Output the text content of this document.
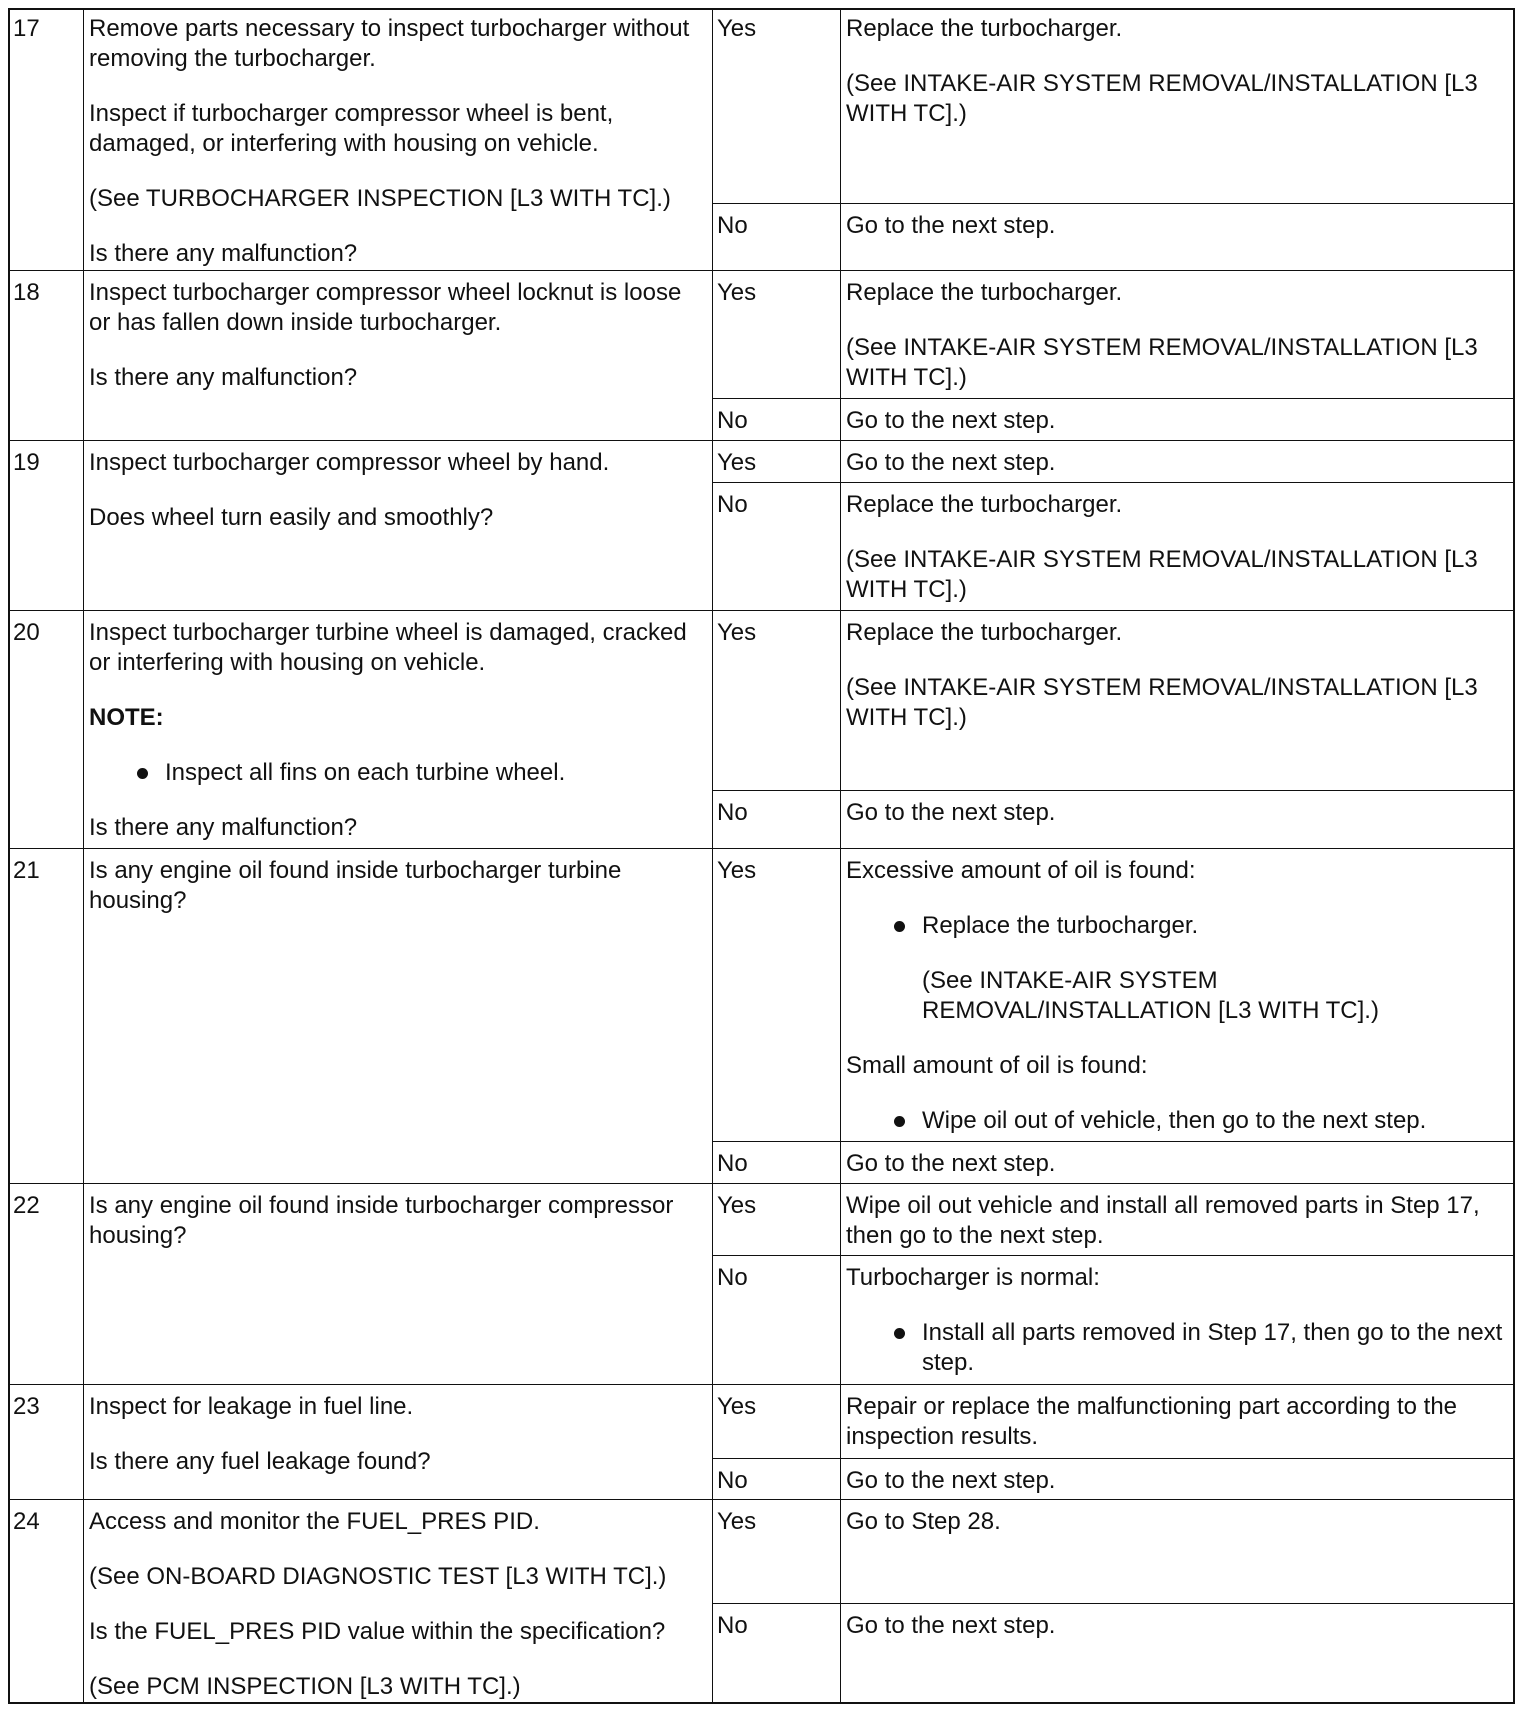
17 Remove parts necessary to inspect turbocharger without removing the turbocharger.

Inspect if turbocharger compressor wheel is bent, damaged, or interfering with housing on vehicle.

(See TURBOCHARGER INSPECTION [L3 WITH TC].)

Is there any malfunction?

Yes	Replace the turbocharger.

(See INTAKE-AIR SYSTEM REMOVAL/INSTALLATION [L3 WITH TC].)

No	Go to the next step.
18 Inspect turbocharger compressor wheel locknut is loose or has fallen down inside turbocharger.

Is there any malfunction?

Yes	Replace the turbocharger.

(See INTAKE-AIR SYSTEM REMOVAL/INSTALLATION [L3 WITH TC].)

No	Go to the next step.
19 Inspect turbocharger compressor wheel by hand.

Does wheel turn easily and smoothly?

Yes	Go to the next step.
No	Replace the turbocharger.

(See INTAKE-AIR SYSTEM REMOVAL/INSTALLATION [L3 WITH TC].)

20 Inspect turbocharger turbine wheel is damaged, cracked or interfering with housing on vehicle.

NOTE:

Inspect all fins on each turbine wheel.

Is there any malfunction?

Yes	Replace the turbocharger.

(See INTAKE-AIR SYSTEM REMOVAL/INSTALLATION [L3 WITH TC].)

No	Go to the next step.
21 Is any engine oil found inside turbocharger turbine housing?

Yes	Excessive amount of oil is found:

Replace the turbocharger.

(See INTAKE-AIR SYSTEM REMOVAL/INSTALLATION [L3 WITH TC].)

Small amount of oil is found:

Wipe oil out of vehicle, then go to the next step.

No	Go to the next step.
22 Is any engine oil found inside turbocharger compressor housing?

Yes	Wipe oil out vehicle and install all removed parts in Step 17, then go to the next step.
No	Turbocharger is normal:

Install all parts removed in Step 17, then go to the next step.

23 Inspect for leakage in fuel line.

Is there any fuel leakage found?

Yes	Repair or replace the malfunctioning part according to the inspection results.
No	Go to the next step.
24 Access and monitor the FUEL_PRES PID.

(See ON-BOARD DIAGNOSTIC TEST [L3 WITH TC].)

Is the FUEL_PRES PID value within the specification?

(See PCM INSPECTION [L3 WITH TC].)

Yes	Go to Step 28.
No	Go to the next step.
